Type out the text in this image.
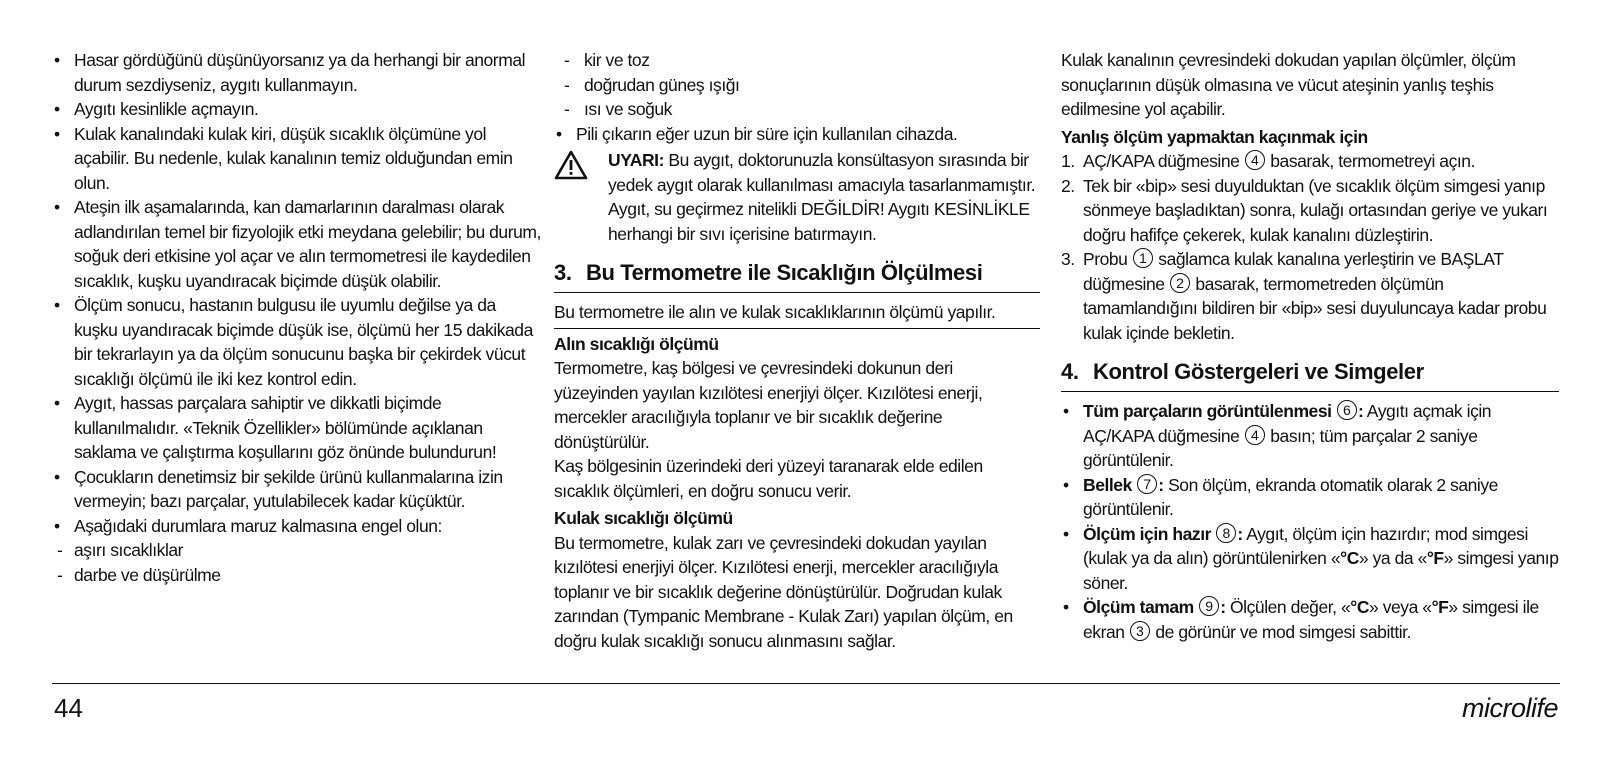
• Hasar gördüğünü düşünüyorsanız ya da herhangi bir anormal durum sezdiyseniz, aygıtı kullanmayın.
• Aygıtı kesinlikle açmayın.
• Kulak kanalındaki kulak kiri, düşük sıcaklık ölçümüne yol açabilir. Bu nedenle, kulak kanalının temiz olduğundan emin olun.
• Ateşin ilk aşamalarında, kan damarlarının daralması olarak adlandırılan temel bir fizyolojik etki meydana gelebilir; bu durum, soğuk deri etkisine yol açar ve alın termometresi ile kaydedilen sıcaklık, kuşku uyandıracak biçimde düşük olabilir.
• Ölçüm sonucu, hastanın bulgusu ile uyumlu değilse ya da kuşku uyandıracak biçimde düşük ise, ölçümü her 15 dakikada bir tekrarlayın ya da ölçüm sonucunu başka bir çekirdek vücut sıcaklığı ölçümü ile iki kez kontrol edin.
• Aygıt, hassas parçalara sahiptir ve dikkatli biçimde kullanılmalıdır. «Teknik Özellikler» bölümünde açıklanan saklama ve çalıştırma koşullarını göz önünde bulundurun!
• Çocukların denetimsiz bir şekilde ürünü kullanmalarına izin vermeyin; bazı parçalar, yutulabilecek kadar küçüktür.
• Aşağıdaki durumlara maruz kalmasına engel olun:
- aşırı sıcaklıklar
- darbe ve düşürülme
- kir ve toz
- doğrudan güneş ışığı
- ısı ve soğuk
• Pili çıkarın eğer uzun bir süre için kullanılan cihazda.
UYARI: Bu aygıt, doktorunuzla konsültasyon sırasında bir yedek aygıt olarak kullanılması amacıyla tasarlanmamıştır. Aygıt, su geçirmez nitelikli DEĞİLDİR! Aygıtı KESİNLİKLE herhangi bir sıvı içerisine batırmayın.
3. Bu Termometre ile Sıcaklığın Ölçülmesi

Bu termometre ile alın ve kulak sıcaklıklarının ölçümü yapılır.

Alın sıcaklığı ölçümü

Termometre, kaş bölgesi ve çevresindeki dokunun deri yüzeyinden yayılan kızılötesi enerjiyi ölçer. Kızılötesi enerji, mercekler aracılığıyla toplanır ve bir sıcaklık değerine dönüştürülür.

Kaş bölgesinin üzerindeki deri yüzeyi taranarak elde edilen sıcaklık ölçümleri, en doğru sonucu verir.

Kulak sıcaklığı ölçümü

Bu termometre, kulak zarı ve çevresindeki dokudan yayılan kızılötesi enerjiyi ölçer. Kızılötesi enerji, mercekler aracılığıyla toplanır ve bir sıcaklık değerine dönüştürülür. Doğrudan kulak zarından (Tympanic Membrane - Kulak Zarı) yapılan ölçüm, en doğru kulak sıcaklığı sonucu alınmasını sağlar.

Kulak kanalının çevresindeki dokudan yapılan ölçümler, ölçüm sonuçlarının düşük olmasına ve vücut ateşinin yanlış teşhis edilmesine yol açabilir.

Yanlış ölçüm yapmaktan kaçınmak için

1. AÇ/KAPA düğmesine 4 basarak, termometreyi açın.
2. Tek bir «bip» sesi duyulduktan (ve sıcaklık ölçüm simgesi yanıp sönmeye başladıktan) sonra, kulağı ortasından geriye ve yukarı doğru hafifçe çekerek, kulak kanalını düzleştirin.
3. Probu 1 sağlamca kulak kanalına yerleştirin ve BAŞLAT düğmesine 2 basarak, termometreden ölçümün tamamlandığını bildiren bir «bip» sesi duyuluncaya kadar probu kulak içinde bekletin.
4. Kontrol Göstergeleri ve Simgeler
• Tüm parçaların görüntülenmesi 6 : Aygıtı açmak için AÇ/KAPA düğmesine 4 basın; tüm parçalar 2 saniye görüntülenir.
• Bellek 7 : Son ölçüm, ekranda otomatik olarak 2 saniye görüntülenir.
• Ölçüm için hazır 8 : Aygıt, ölçüm için hazırdır; mod simgesi (kulak ya da alın) görüntülenirken «°C» ya da «°F» simgesi yanıp söner.
• Ölçüm tamam 9 : Ölçülen değer, «°C» veya «°F» simgesi ile ekran 3 de görünür ve mod simgesi sabittir.
44	microlife
